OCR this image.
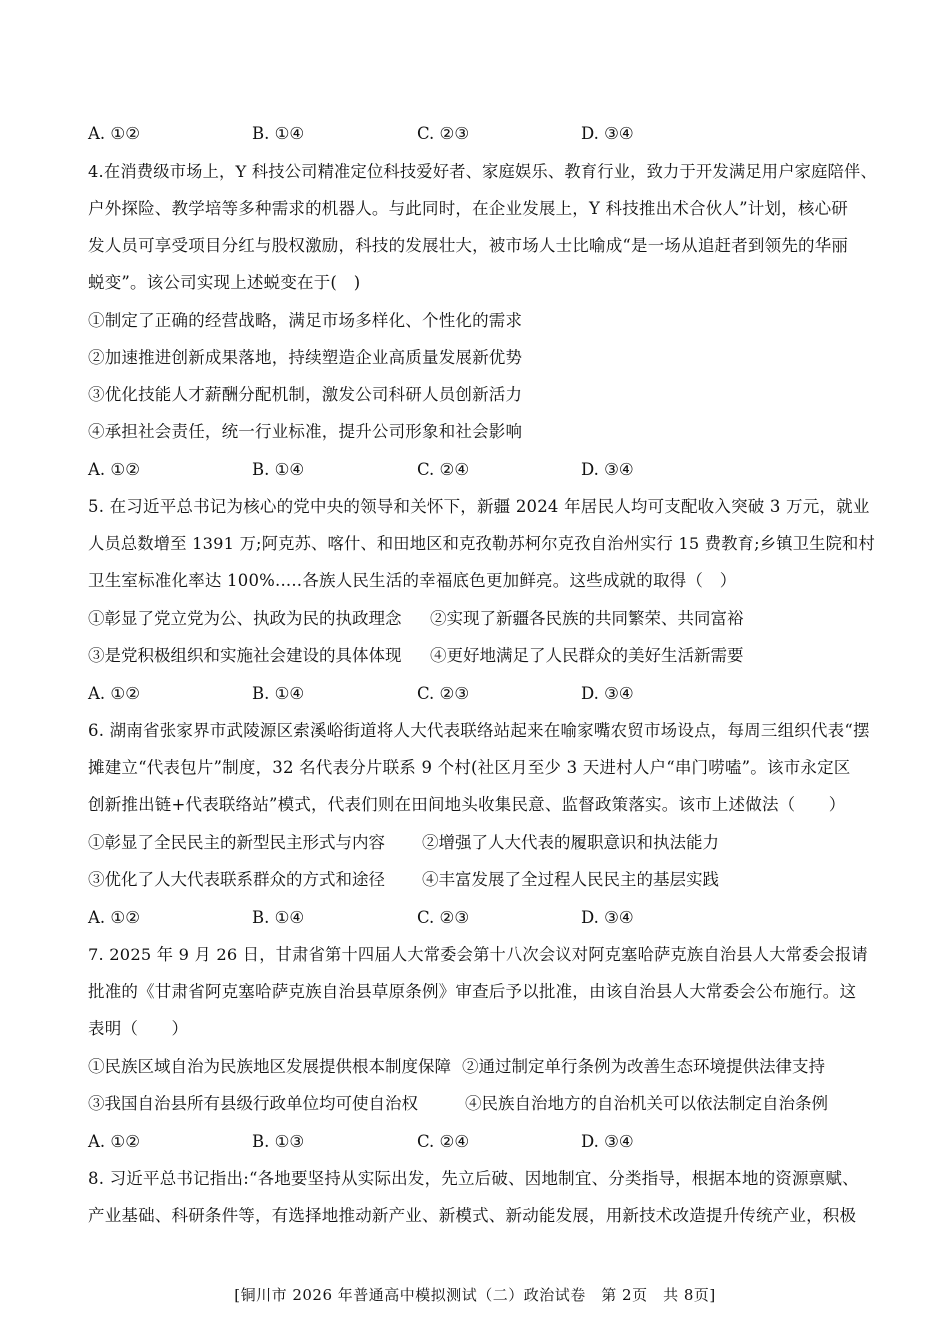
A. ①②	B. ①④	C. ②③	D. ③④
4.在消费级市场上，Y 科技公司精准定位科技爱好者、家庭娱乐、教育行业，致力于开发满足用户家庭陪伴、
户外探险、教学培等多种需求的机器人。与此同时，在企业发展上，Y 科技推出术合伙人”计划，核心研
发人员可享受项目分红与股权激励，科技的发展壮大，被市场人士比喻成“是一场从追赶者到领先的华丽
蜕变”。该公司实现上述蜕变在于(　)
①制定了正确的经营战略，满足市场多样化、个性化的需求
②加速推进创新成果落地，持续塑造企业高质量发展新优势
③优化技能人才薪酬分配机制，激发公司科研人员创新活力
④承担社会责任，统一行业标准，提升公司形象和社会影响
A. ①②	B. ①④	C. ②④	D. ③④
5. 在习近平总书记为核心的党中央的领导和关怀下，新疆 2024 年居民人均可支配收入突破 3 万元，就业
人员总数增至 1391 万;阿克苏、喀什、和田地区和克孜勒苏柯尔克孜自治州实行 15 费教育;乡镇卫生院和村
卫生室标准化率达 100%.....各族人民生活的幸福底色更加鲜亮。这些成就的取得（　）
①彰显了党立党为公、执政为民的执政理念 ②实现了新疆各民族的共同繁荣、共同富裕
③是党积极组织和实施社会建设的具体体现 ④更好地满足了人民群众的美好生活新需要
A. ①②	B. ①④	C. ②③	D. ③④
6. 湖南省张家界市武陵源区索溪峪街道将人大代表联络站起来在喻家嘴农贸市场设点，每周三组织代表“摆
摊建立“代表包片”制度，32 名代表分片联系 9 个村(社区月至少 3 天进村人户“串门唠嗑”。该市永定区
创新推出链+代表联络站”模式，代表们则在田间地头收集民意、监督政策落实。该市上述做法（　　）
①彰显了全民民主的新型民主形式与内容 ②增强了人大代表的履职意识和执法能力
③优化了人大代表联系群众的方式和途径 ④丰富发展了全过程人民民主的基层实践
A. ①②	B. ①④	C. ②③	D. ③④
7. 2025 年 9 月 26 日，甘肃省第十四届人大常委会第十八次会议对阿克塞哈萨克族自治县人大常委会报请
批准的《甘肃省阿克塞哈萨克族自治县草原条例》审查后予以批准，由该自治县人大常委会公布施行。这
表明（　　）
①民族区域自治为民族地区发展提供根本制度保障 ②通过制定单行条例为改善生态环境提供法律支持
③我国自治县所有县级行政单位均可使自治权	④民族自治地方的自治机关可以依法制定自治条例
A. ①②	B. ①③	C. ②④	D. ③④
8. 习近平总书记指出:“各地要坚持从实际出发，先立后破、因地制宜、分类指导，根据本地的资源禀赋、
产业基础、科研条件等，有选择地推动新产业、新模式、新动能发展，用新技术改造提升传统产业，积极
[铜川市 2026 年普通高中模拟测试（二）政治试卷　第 2页　共 8页]
